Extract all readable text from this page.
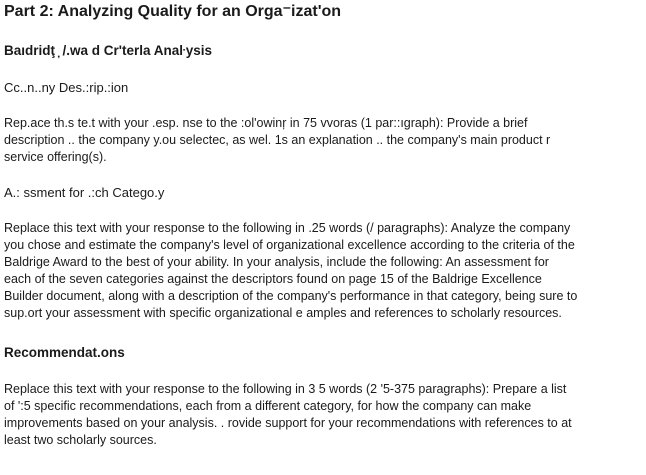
Part 2: Analyzing Quality for an Orga⁻izat'on
Baıdridţ ̦ /.wa d Cr'terla Anaŀysis
Cc..n..ny Des.:rip.:ion
Rep.ace th.s te.t with your .esp. nse to the :ol'owinŗ in 75 vvoras (1 par::ıgraph): Provide a brief
description .. the company y.ou selectec, as wel. 1s an explanation .. the company's main product r
service offering(s).
A.: ssment for .:ch Catego.y
Replace this text with your response to the following in .25 words (/ paragraphs): Analyze the company
you chose and estimate the company's level of organizational excellence according to the criteria of the
Baldrige Award to the best of your ability. In your analysis, include the following: An assessment for
each of the seven categories against the descriptors found on page 15 of the Baldrige Excellence
Builder document, along with a description of the company's performance in that category, being sure to
sup.ort your assessment with specific organizational e amples and references to scholarly resources.
Recommendat.ons
Replace this text with your response to the following in 3 5 words (2 '5-375 paragraphs): Prepare a list
of ':5 specific recommendations, each from a different category, for how the company can make
improvements based on your analysis. . rovide support for your recommendations with references to at
least two scholarly sources.
